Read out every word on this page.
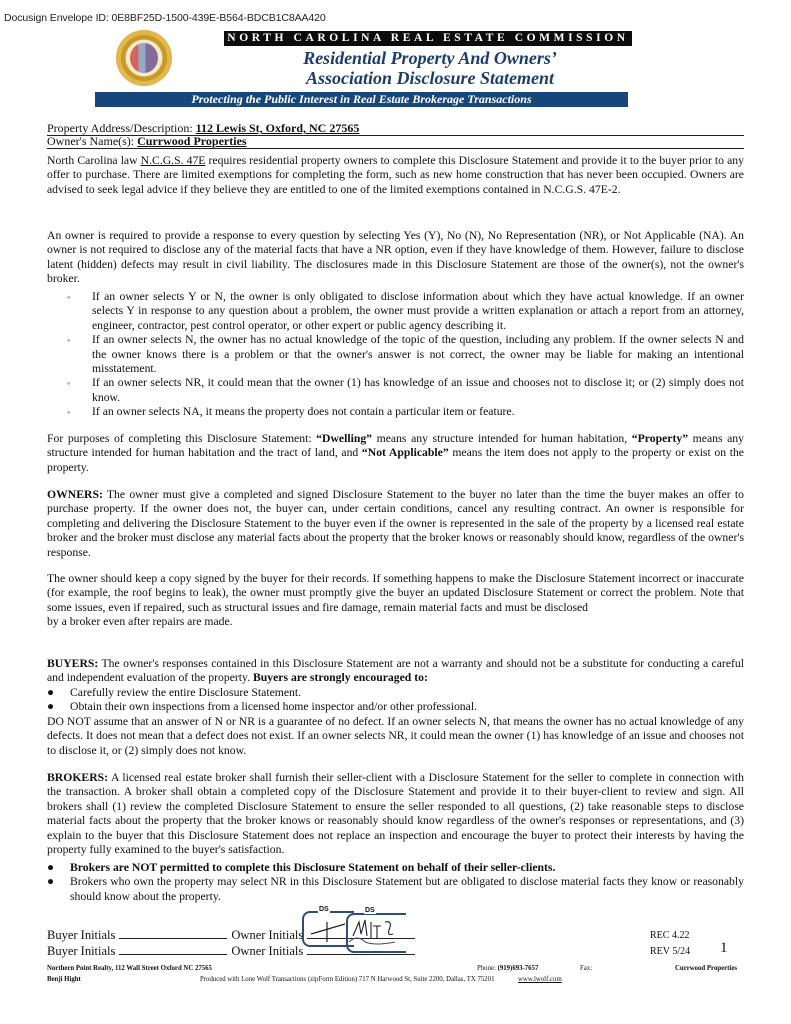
Docusign Envelope ID: 0E8BF25D-1500-439E-B564-BDCB1C8AA420
NORTH CAROLINA REAL ESTATE COMMISSION
Residential Property And Owners’
Association Disclosure Statement
Protecting the Public Interest in Real Estate Brokerage Transactions
Property Address/Description: 112 Lewis St, Oxford, NC 27565
Owner's Name(s): Currwood Properties
North Carolina law N.C.G.S. 47E requires residential property owners to complete this Disclosure Statement and provide it to the buyer prior to any offer to purchase. There are limited exemptions for completing the form, such as new home construction that has never been occupied. Owners are advised to seek legal advice if they believe they are entitled to one of the limited exemptions contained in N.C.G.S. 47E-2.
An owner is required to provide a response to every question by selecting Yes (Y), No (N), No Representation (NR), or Not Applicable (NA). An owner is not required to disclose any of the material facts that have a NR option, even if they have knowledge of them. However, failure to disclose latent (hidden) defects may result in civil liability. The disclosures made in this Disclosure Statement are those of the owner(s), not the owner's broker.
◦ If an owner selects Y or N, the owner is only obligated to disclose information about which they have actual knowledge. If an owner selects Y in response to any question about a problem, the owner must provide a written explanation or attach a report from an attorney, engineer, contractor, pest control operator, or other expert or public agency describing it.
◦ If an owner selects N, the owner has no actual knowledge of the topic of the question, including any problem. If the owner selects N and the owner knows there is a problem or that the owner's answer is not correct, the owner may be liable for making an intentional misstatement.
◦ If an owner selects NR, it could mean that the owner (1) has knowledge of an issue and chooses not to disclose it; or (2) simply does not know.
◦ If an owner selects NA, it means the property does not contain a particular item or feature.
For purposes of completing this Disclosure Statement: “Dwelling” means any structure intended for human habitation, “Property” means any structure intended for human habitation and the tract of land, and “Not Applicable” means the item does not apply to the property or exist on the property.
OWNERS: The owner must give a completed and signed Disclosure Statement to the buyer no later than the time the buyer makes an offer to purchase property. If the owner does not, the buyer can, under certain conditions, cancel any resulting contract. An owner is responsible for completing and delivering the Disclosure Statement to the buyer even if the owner is represented in the sale of the property by a licensed real estate broker and the broker must disclose any material facts about the property that the broker knows or reasonably should know, regardless of the owner's response.
The owner should keep a copy signed by the buyer for their records. If something happens to make the Disclosure Statement incorrect or inaccurate (for example, the roof begins to leak), the owner must promptly give the buyer an updated Disclosure Statement or correct the problem. Note that some issues, even if repaired, such as structural issues and fire damage, remain material facts and must be disclosed
by a broker even after repairs are made.
BUYERS: The owner's responses contained in this Disclosure Statement are not a warranty and should not be a substitute for conducting a careful and independent evaluation of the property. Buyers are strongly encouraged to:
● Carefully review the entire Disclosure Statement.
● Obtain their own inspections from a licensed home inspector and/or other professional.
DO NOT assume that an answer of N or NR is a guarantee of no defect. If an owner selects N, that means the owner has no actual knowledge of any defects. It does not mean that a defect does not exist. If an owner selects NR, it could mean the owner (1) has knowledge of an issue and chooses not to disclose it, or (2) simply does not know.
BROKERS: A licensed real estate broker shall furnish their seller-client with a Disclosure Statement for the seller to complete in connection with the transaction. A broker shall obtain a completed copy of the Disclosure Statement and provide it to their buyer-client to review and sign. All brokers shall (1) review the completed Disclosure Statement to ensure the seller responded to all questions, (2) take reasonable steps to disclose material facts about the property that the broker knows or reasonably should know regardless of the owner's responses or representations, and (3) explain to the buyer that this Disclosure Statement does not replace an inspection and encourage the buyer to protect their interests by having the property fully examined to the buyer's satisfaction.
● Brokers are NOT permitted to complete this Disclosure Statement on behalf of their seller-clients.
● Brokers who own the property may select NR in this Disclosure Statement but are obligated to disclose material facts they know or reasonably should know about the property.
Buyer Initials	Owner Initials
Buyer Initials	Owner Initials
DS	DS
REC 4.22
REV 5/24 1
Northern Point Realty, 112 Wall Street Oxford NC 27565
Benji Hight	Produced with Lone Wolf Transactions (zipForm Edition) 717 N Harwood St, Suite 2200, Dallas, TX 75201	www.lwolf.com
Phone: (919)693-7657	Fax:	Currwood Properties
